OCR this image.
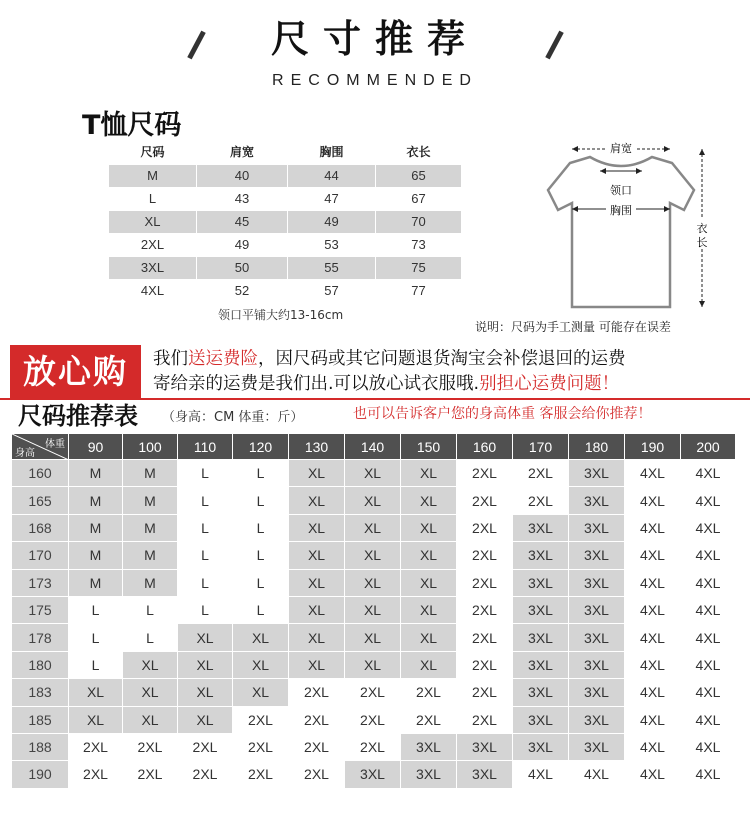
尺寸推荐
RECOMMENDED
T恤尺码
尺码	肩宽	胸围	衣长
M	40	44	65
L	43	47	67
XL	45	49	70
2XL	49	53	73
3XL	50	55	75
4XL	52	57	77
领口平铺大约13-16cm
肩宽
领口
胸围
衣
长
说明：尺码为手工测量 可能存在误差
放心购	我们送运费险，因尺码或其它问题退货淘宝会补偿退回的运费
寄给亲的运费是我们出.可以放心试衣服哦.别担心运费问题！
尺码推荐表 （身高：CM 体重：斤）	也可以告诉客户您的身高体重 客服会给你推荐！
体重
身高	90	100	110	120	130	140	150	160	170	180	190	200
160	M	M	L	L	XL	XL	XL	2XL	2XL	3XL	4XL	4XL
165	M	M	L	L	XL	XL	XL	2XL	2XL	3XL	4XL	4XL
168	M	M	L	L	XL	XL	XL	2XL	3XL	3XL	4XL	4XL
170	M	M	L	L	XL	XL	XL	2XL	3XL	3XL	4XL	4XL
173	M	M	L	L	XL	XL	XL	2XL	3XL	3XL	4XL	4XL
175	L	L	L	L	XL	XL	XL	2XL	3XL	3XL	4XL	4XL
178	L	L	XL	XL	XL	XL	XL	2XL	3XL	3XL	4XL	4XL
180	L	XL	XL	XL	XL	XL	XL	2XL	3XL	3XL	4XL	4XL
183	XL	XL	XL	XL	2XL	2XL	2XL	2XL	3XL	3XL	4XL	4XL
185	XL	XL	XL	2XL	2XL	2XL	2XL	2XL	3XL	3XL	4XL	4XL
188	2XL	2XL	2XL	2XL	2XL	2XL	3XL	3XL	3XL	3XL	4XL	4XL
190	2XL	2XL	2XL	2XL	2XL	3XL	3XL	3XL	4XL	4XL	4XL	4XL
